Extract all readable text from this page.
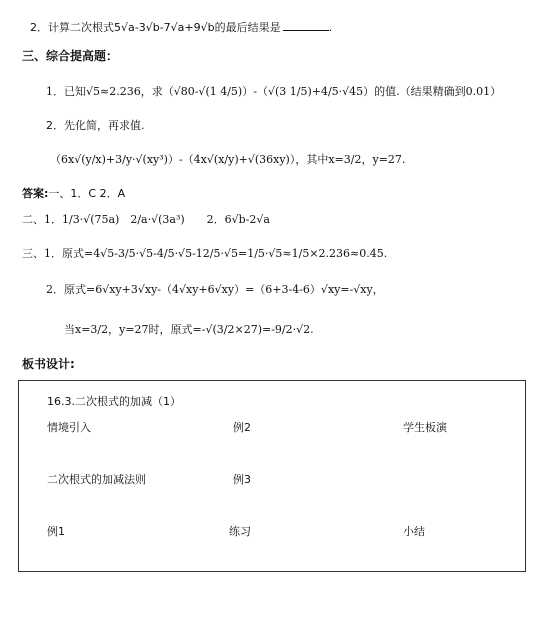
2．计算二次根式5√a-3√b-7√a+9√b的最后结果是	.
三、综合提高题：
1．已知√5≈2.236，求（√80-√(1 4/5)）-（√(3 1/5)+4/5·√45）的值.（结果精确到0.01）
2．先化简，再求值.
（6x√(y/x)+3/y·√(xy³)）-（4x√(x/y)+√(36xy)），其中x=3/2，y=27.
答案:一、1．C 2．A
二、1．1/3·√(75a)　2/a·√(3a³)　　2．6√b-2√a
三、1．原式=4√5-3/5·√5-4/5·√5-12/5·√5=1/5·√5≈1/5×2.236≈0.45.
2．原式=6√xy+3√xy-（4√xy+6√xy）=（6+3-4-6）√xy=-√xy，
当x=3/2，y=27时，原式=-√(3/2×27)=-9/2·√2.
板书设计:
16.3.二次根式的加减（1）
情境引入	例2	学生板演
二次根式的加减法则	例3
例1	练习	小结
